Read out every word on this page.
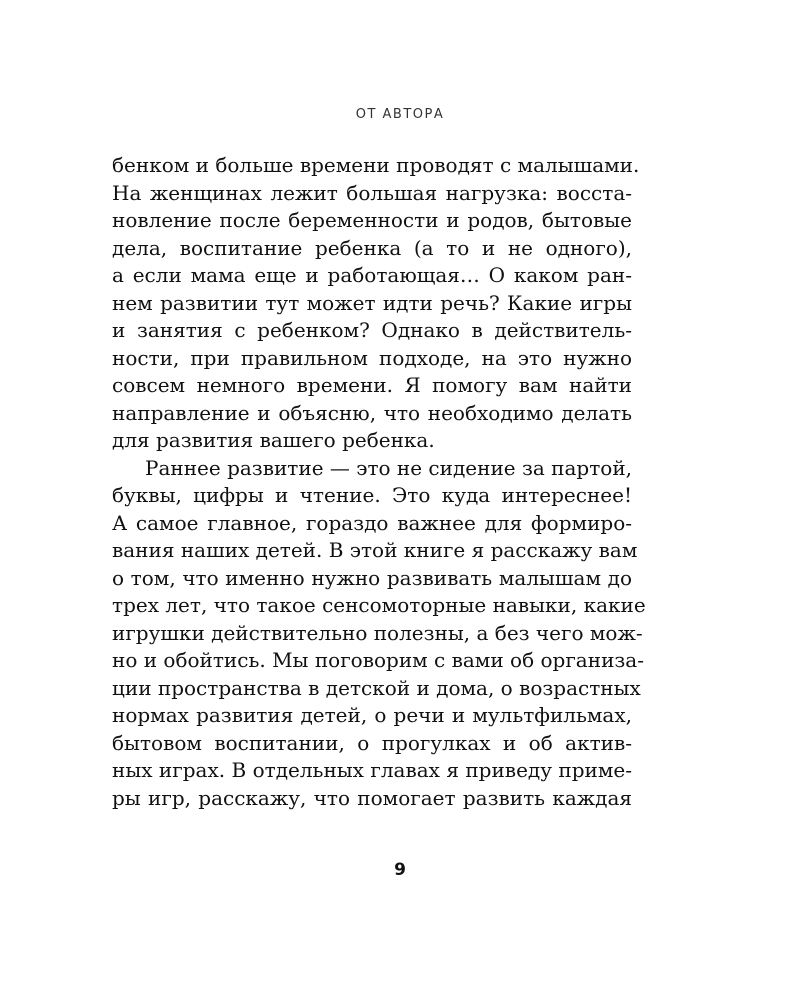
ОТ АВТОРА
бенком и больше времени проводят с малышами.
На женщинах лежит большая нагрузка: восста-
новление после беременности и родов, бытовые
дела, воспитание ребенка (а то и не одного),
а если мама еще и работающая… О каком ран-
нем развитии тут может идти речь? Какие игры
и занятия с ребенком? Однако в действитель-
ности, при правильном подходе, на это нужно
совсем немного времени. Я помогу вам найти
направление и объясню, что необходимо делать
для развития вашего ребенка.
Раннее развитие — это не сидение за партой,
буквы, цифры и чтение. Это куда интереснее!
А самое главное, гораздо важнее для формиро-
вания наших детей. В этой книге я расскажу вам
о том, что именно нужно развивать малышам до
трех лет, что такое сенсомоторные навыки, какие
игрушки действительно полезны, а без чего мож-
но и обойтись. Мы поговорим с вами об организа-
ции пространства в детской и дома, о возрастных
нормах развития детей, о речи и мультфильмах,
бытовом воспитании, о прогулках и об актив-
ных играх. В отдельных главах я приведу приме-
ры игр, расскажу, что помогает развить каждая
9
